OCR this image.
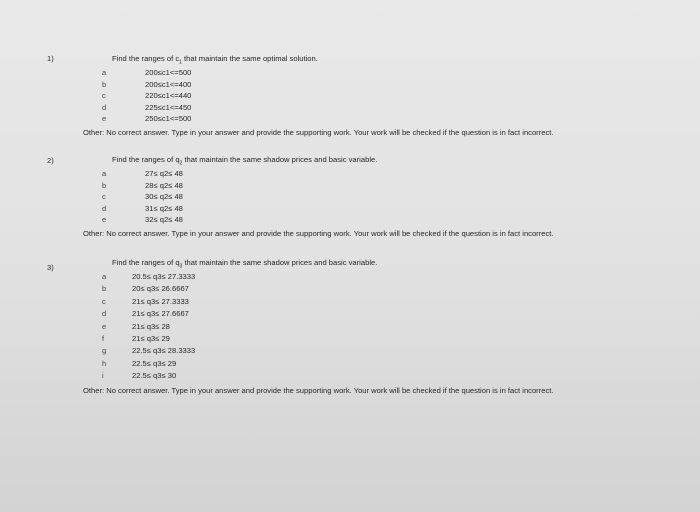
1)	Find the ranges of $c_1$ that maintain the same optimal solution.
a	200≤c1<=500
b	200≤c1<=400
c	220≤c1<=440
d	225≤c1<=450
e	250≤c1<=500
Other: No correct answer. Type in your answer and provide the supporting work. Your work will be checked if the question is in fact incorrect.
2)	Find the ranges of $q_2$ that maintain the same shadow prices and basic variable.
a	27≤ q2≤ 48
b	28≤ q2≤ 48
c	30≤ q2≤ 48
d	31≤ q2≤ 48
e	32≤ q2≤ 48
Other: No correct answer. Type in your answer and provide the supporting work. Your work will be checked if the question is in fact incorrect.
3)
Find the ranges of $q_3$ that maintain the same shadow prices and basic variable.
a	20.5≤ q3≤ 27.3333
b	20≤ q3≤ 26.6667
c	21≤ q3≤ 27.3333
d	21≤ q3≤ 27.6667
e	21≤ q3≤ 28
f	21≤ q3≤ 29
g	22.5≤ q3≤ 28.3333
h	22.5≤ q3≤ 29
i	22.5≤ q3≤ 30
Other: No correct answer. Type in your answer and provide the supporting work. Your work will be checked if the question is in fact incorrect.
